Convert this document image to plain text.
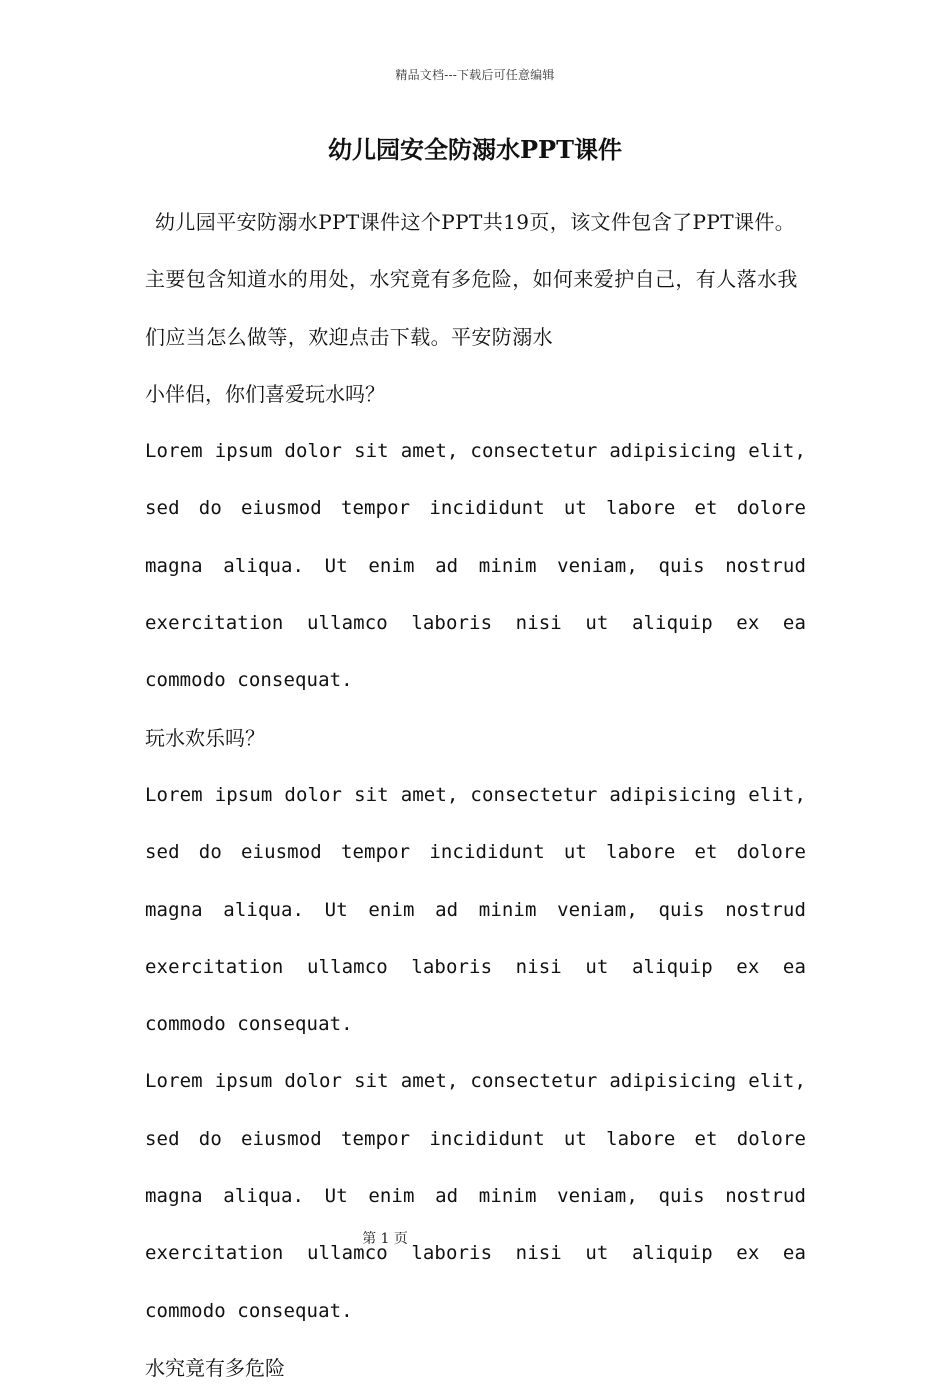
精品文档---下载后可任意编辑
幼儿园安全防溺水PPT课件

幼儿园平安防溺水PPT课件这个PPT共19页，该文件包含了PPT课件。主要包含知道水的用处，水究竟有多危险，如何来爱护自己，有人落水我们应当怎么做等，欢迎点击下载。平安防溺水

小伴侣，你们喜爱玩水吗？

Lorem ipsum dolor sit amet, consectetur adipisicing elit, sed do eiusmod tempor incididunt ut labore et dolore magna aliqua. Ut enim ad minim veniam, quis nostrud exercitation ullamco laboris nisi ut aliquip ex ea commodo consequat.

玩水欢乐吗？

Lorem ipsum dolor sit amet, consectetur adipisicing elit, sed do eiusmod tempor incididunt ut labore et dolore magna aliqua. Ut enim ad minim veniam, quis nostrud exercitation ullamco laboris nisi ut aliquip ex ea commodo consequat.

Lorem ipsum dolor sit amet, consectetur adipisicing elit, sed do eiusmod tempor incididunt ut labore et dolore magna aliqua. Ut enim ad minim veniam, quis nostrud exercitation ullamco laboris nisi ut aliquip ex ea commodo consequat.

水究竟有多危险

第 1 页
